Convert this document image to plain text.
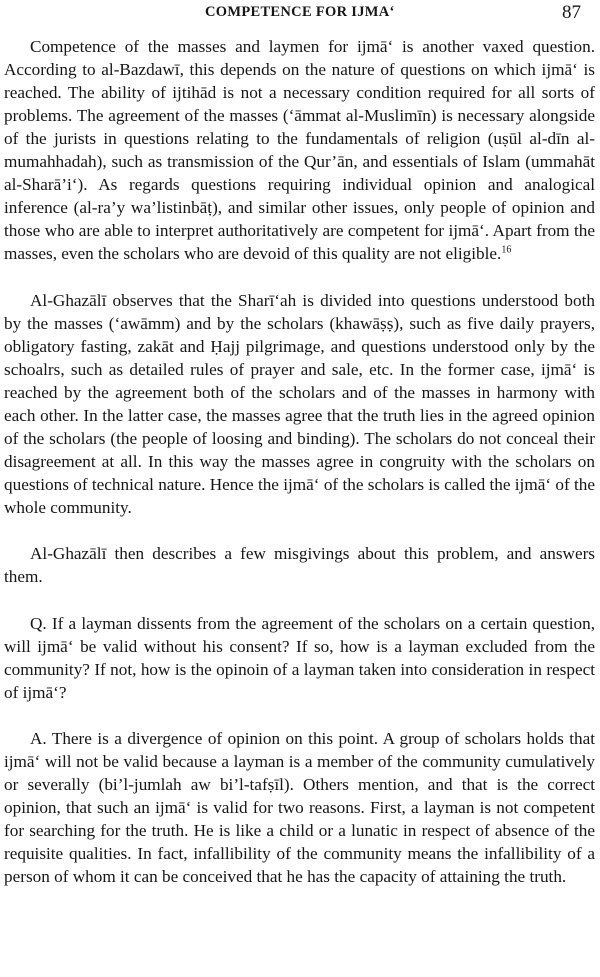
COMPETENCE FOR IJMA‘	87

Competence of the masses and laymen for ijmā‘ is another vaxed question. According to al-Bazdawī, this depends on the nature of questions on which ijmā‘ is reached. The ability of ijtihād is not a necessary condition required for all sorts of problems. The agreement of the masses (‘āmmat al-Muslimīn) is necessary alongside of the jurists in questions relating to the fundamentals of religion (uṣūl al-dīn al-mumahhadah), such as transmission of the Qur’ān, and essentials of Islam (ummahāt al-Sharā’i‘). As regards questions requiring individual opinion and analogical inference (al-ra’y wa’listinbāṭ), and similar other issues, only people of opinion and those who are able to interpret authoritatively are competent for ijmā‘. Apart from the masses, even the scholars who are devoid of this quality are not eligible.$^{16}$

Al-Ghazālī observes that the Sharī‘ah is divided into questions understood both by the masses (‘awāmm) and by the scholars (khawāṣṣ), such as five daily prayers, obligatory fasting, zakāt and Ḥajj pilgrimage, and questions understood only by the schoalrs, such as detailed rules of prayer and sale, etc. In the former case, ijmā‘ is reached by the agreement both of the scholars and of the masses in harmony with each other. In the latter case, the masses agree that the truth lies in the agreed opinion of the scholars (the people of loosing and binding). The scholars do not conceal their disagreement at all. In this way the masses agree in congruity with the scholars on questions of technical nature. Hence the ijmā‘ of the scholars is called the ijmā‘ of the whole community.

Al-Ghazālī then describes a few misgivings about this problem, and answers them.

Q. If a layman dissents from the agreement of the scholars on a certain question, will ijmā‘ be valid without his consent? If so, how is a layman excluded from the community? If not, how is the opinoin of a layman taken into consideration in respect of ijmā‘?

A. There is a divergence of opinion on this point. A group of scholars holds that ijmā‘ will not be valid because a layman is a member of the community cumulatively or severally (bi’l-jumlah aw bi’l-tafṣīl). Others mention, and that is the correct opinion, that such an ijmā‘ is valid for two reasons. First, a layman is not competent for searching for the truth. He is like a child or a lunatic in respect of absence of the requisite qualities. In fact, infallibility of the community means the infallibility of a person of whom it can be conceived that he has the capacity of attaining the truth.
